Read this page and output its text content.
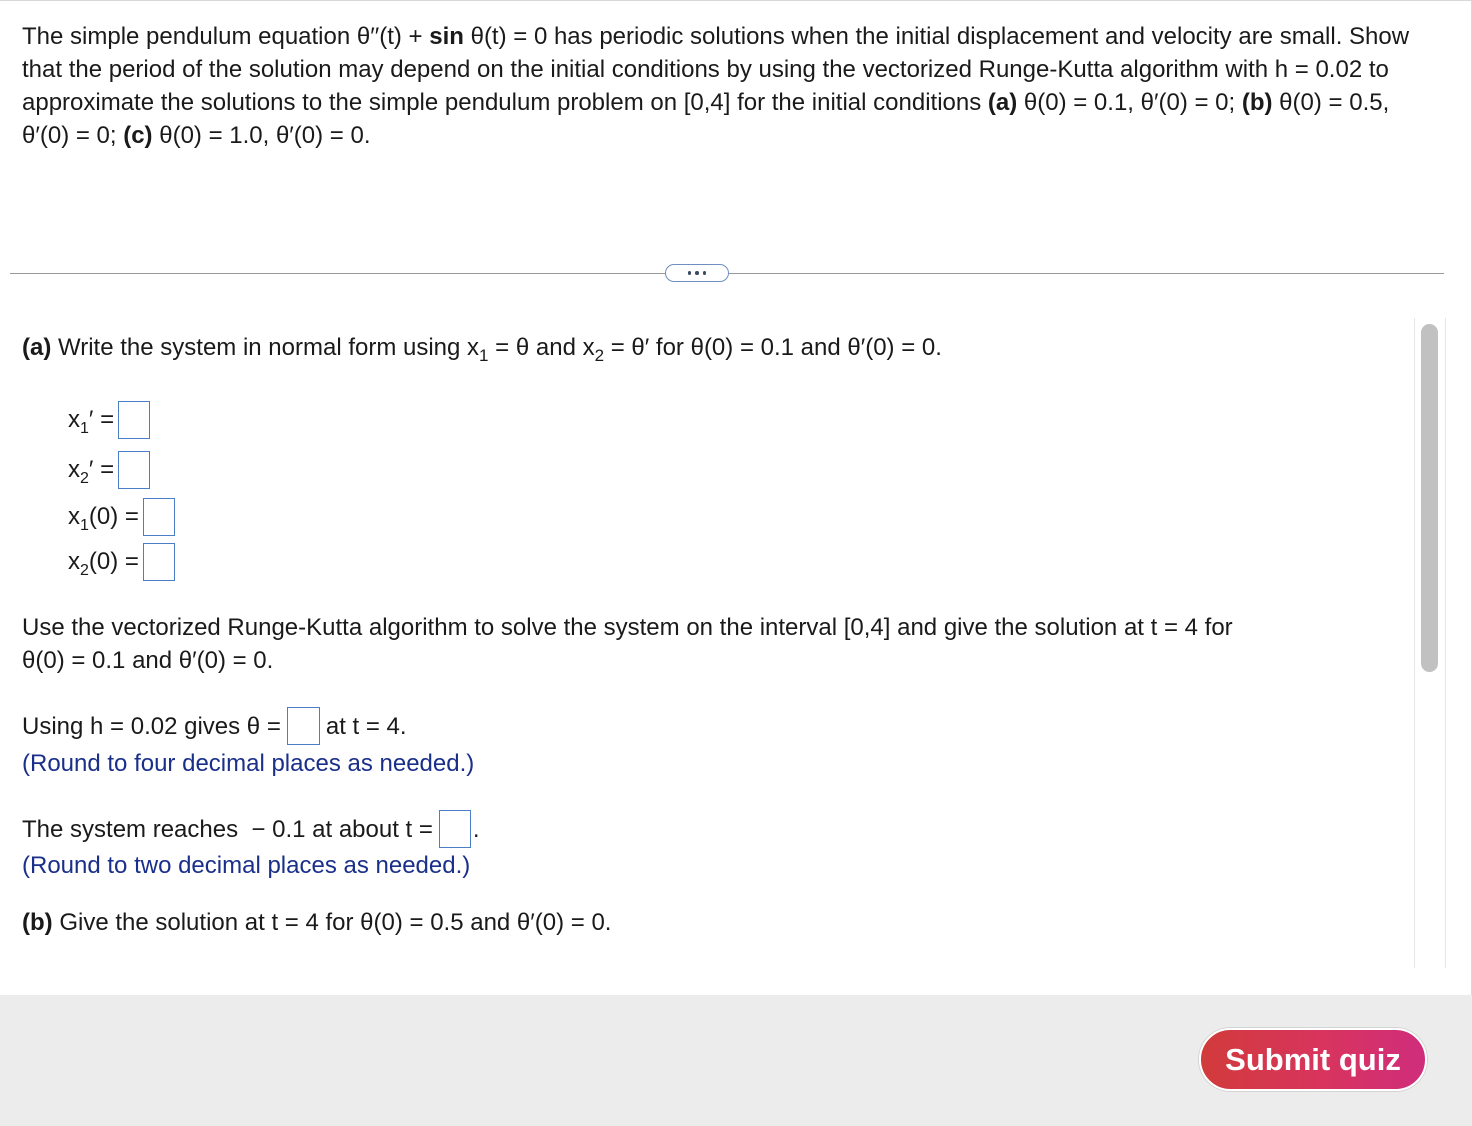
The simple pendulum equation θ′′(t) + sin θ(t) = 0 has periodic solutions when the initial displacement and velocity are small. Show that the period of the solution may depend on the initial conditions by using the vectorized Runge-Kutta algorithm with h = 0.02 to approximate the solutions to the simple pendulum problem on [0,4] for the initial conditions (a) θ(0) = 0.1, θ′(0) = 0; (b) θ(0) = 0.5, θ′(0) = 0; (c) θ(0) = 1.0, θ′(0) = 0.

(a) Write the system in normal form using $x_1 = \theta$ and $x_2 = \theta'$ for θ(0) = 0.1 and θ′(0) = 0.
$x_1'$ =
$x_2'$ =
$x_1(0)$ =
$x_2(0)$ =
Use the vectorized Runge-Kutta algorithm to solve the system on the interval [0,4] and give the solution at t = 4 for
θ(0) = 0.1 and θ′(0) = 0.
Using h = 0.02 gives θ = at t = 4.
(Round to four decimal places as needed.)
The system reaches  − 0.1 at about t = .
(Round to two decimal places as needed.)
(b) Give the solution at t = 4 for θ(0) = 0.5 and θ′(0) = 0.
Submit quiz
